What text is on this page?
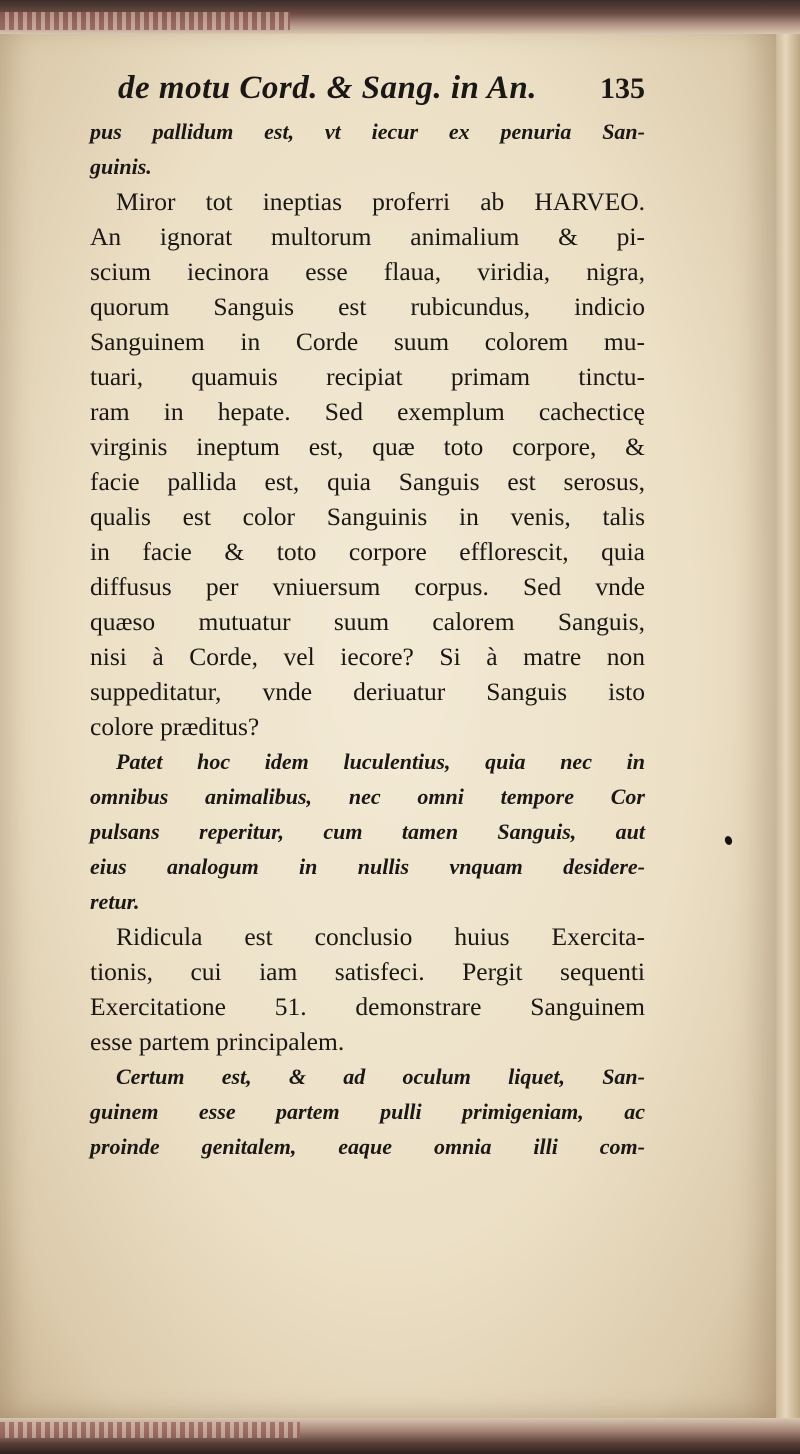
de motu Cord. & Sang. in An. 135
pus pallidum est, vt iecur ex penuria San-
guinis.
Miror tot ineptias proferri ab HARVEO.
An ignorat multorum animalium & pi-
scium iecinora esse flaua, viridia, nigra,
quorum Sanguis est rubicundus, indicio
Sanguinem in Corde suum colorem mu-
tuari, quamuis recipiat primam tinctu-
ram in hepate. Sed exemplum cachecticę
virginis ineptum est, quæ toto corpore, &
facie pallida est, quia Sanguis est serosus,
qualis est color Sanguinis in venis, talis
in facie & toto corpore efflorescit, quia
diffusus per vniuersum corpus. Sed vnde
quæso mutuatur suum calorem Sanguis,
nisi à Corde, vel iecore? Si à matre non
suppeditatur, vnde deriuatur Sanguis isto
colore præditus?
Patet hoc idem luculentius, quia nec in
omnibus animalibus, nec omni tempore Cor
pulsans reperitur, cum tamen Sanguis, aut
eius analogum in nullis vnquam desidere-
retur.
Ridicula est conclusio huius Exercita-
tionis, cui iam satisfeci. Pergit sequenti
Exercitatione 51. demonstrare Sanguinem
esse partem principalem.
Certum est, & ad oculum liquet, San-
guinem esse partem pulli primigeniam, ac
proinde genitalem, eaque omnia illi com-
